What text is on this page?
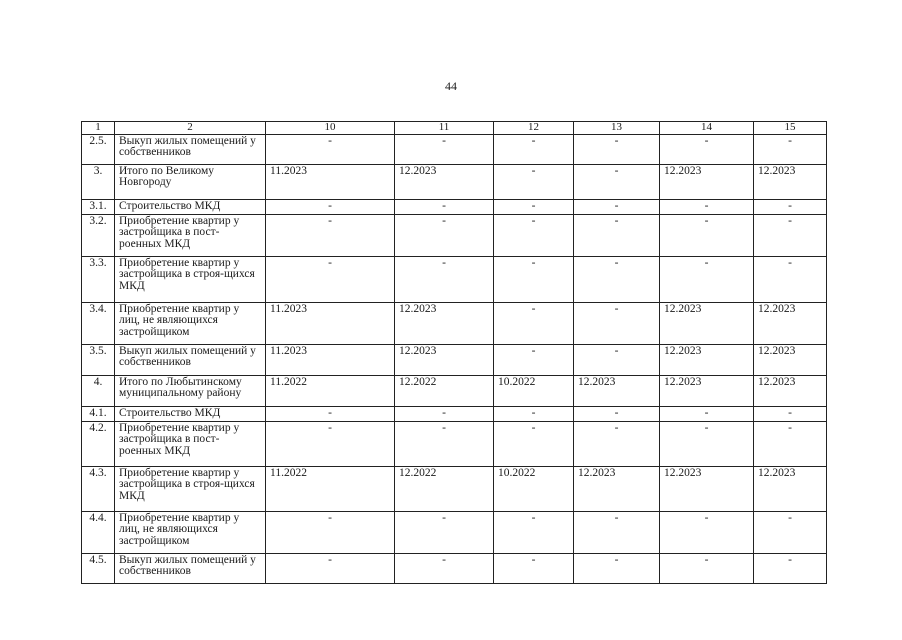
44
1	2	10	11	12	13	14	15
2.5.	Выкуп жилых помещений у собственников	-	-	-	-	-	-
3.	Итого по Великому Новгороду	11.2023	12.2023	-	-	12.2023	12.2023
3.1.	Строительство МКД	-	-	-	-	-	-
3.2.	Приобретение квартир у застройщика в пост-роенных МКД	-	-	-	-	-	-
3.3.	Приобретение квартир у застройщика в строя-щихся МКД	-	-	-	-	-	-
3.4.	Приобретение квартир у лиц, не являющихся застройщиком	11.2023	12.2023	-	-	12.2023	12.2023
3.5.	Выкуп жилых помещений у собственников	11.2023	12.2023	-	-	12.2023	12.2023
4.	Итого по Любытинскому муниципальному району	11.2022	12.2022	10.2022	12.2023	12.2023	12.2023
4.1.	Строительство МКД	-	-	-	-	-	-
4.2.	Приобретение квартир у застройщика в пост-роенных МКД	-	-	-	-	-	-
4.3.	Приобретение квартир у застройщика в строя-щихся МКД	11.2022	12.2022	10.2022	12.2023	12.2023	12.2023
4.4.	Приобретение квартир у лиц, не являющихся застройщиком	-	-	-	-	-	-
4.5.	Выкуп жилых помещений у собственников	-	-	-	-	-	-
